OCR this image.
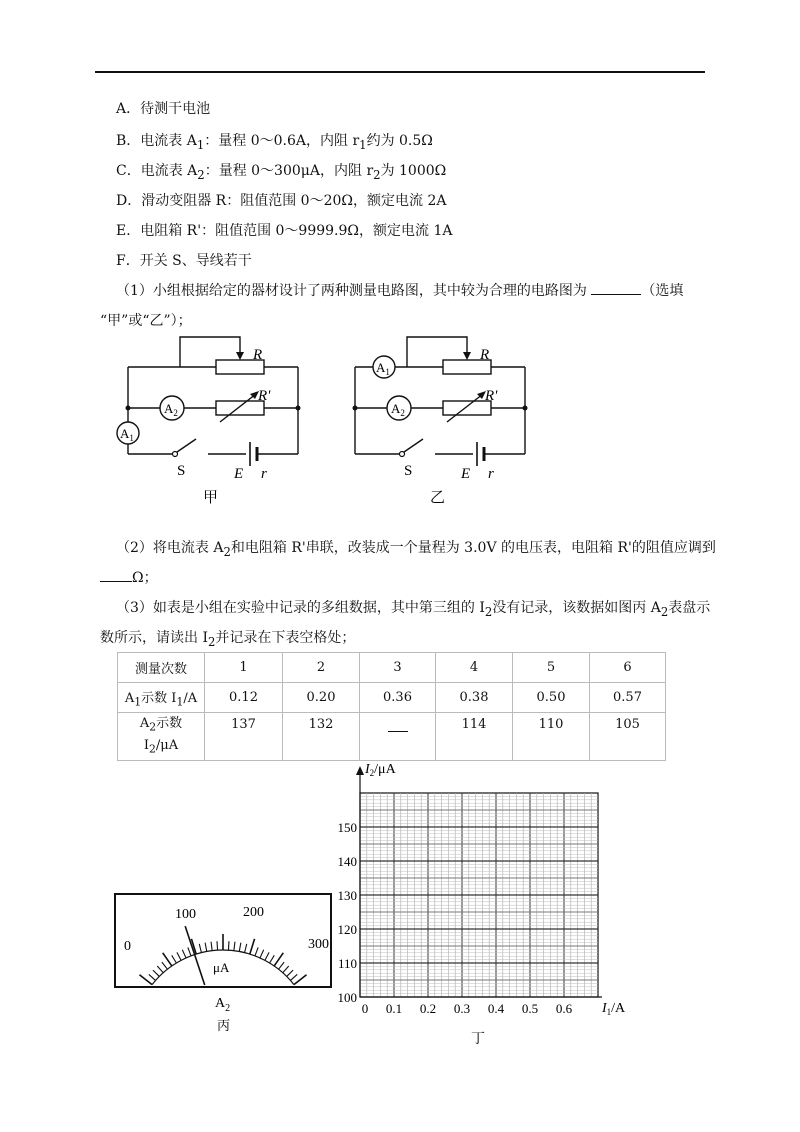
A．待测干电池
B．电流表 $A_1$：量程 0～0.6A，内阻 $r_1$约为 0.5Ω
C．电流表 $A_2$：量程 0～300μA，内阻 $r_2$为 1000Ω
D．滑动变阻器 R：阻值范围 0～20Ω，额定电流 2A
E．电阻箱 R'：阻值范围 0～9999.9Ω，额定电流 1A
F．开关 S、导线若干
（1）小组根据给定的器材设计了两种测量电路图，其中较为合理的电路图为	（选填
“甲”或“乙”）；
R
R'
$A_2$
$A_1$
S	E r
甲
R
R'
$A_1$
$A_2$
S	E r
乙
（2）将电流表 $A_2$和电阻箱 R'串联，改装成一个量程为 3.0V 的电压表，电阻箱 R'的阻值应调到
Ω；
（3）如表是小组在实验中记录的多组数据，其中第三组的 $I_2$没有记录，该数据如图丙 $A_2$表盘示
数所示，请读出 $I_2$并记录在下表空格处；
测量次数	1	2	3	4	5	6
$A_1$示数 $I_1/A$	0.12	0.20	0.36	0.38	0.50	0.57
$A_2$示数
$I_2/\mu A$	137	132		114	110	105
0
100	200
300
μA
$A_2$
丙
100
110
120
130
140
150
0 0.1 0.2 0.3 0.4 0.5 0.6
$I_2/\mu A$
$I_1/A$
丁
